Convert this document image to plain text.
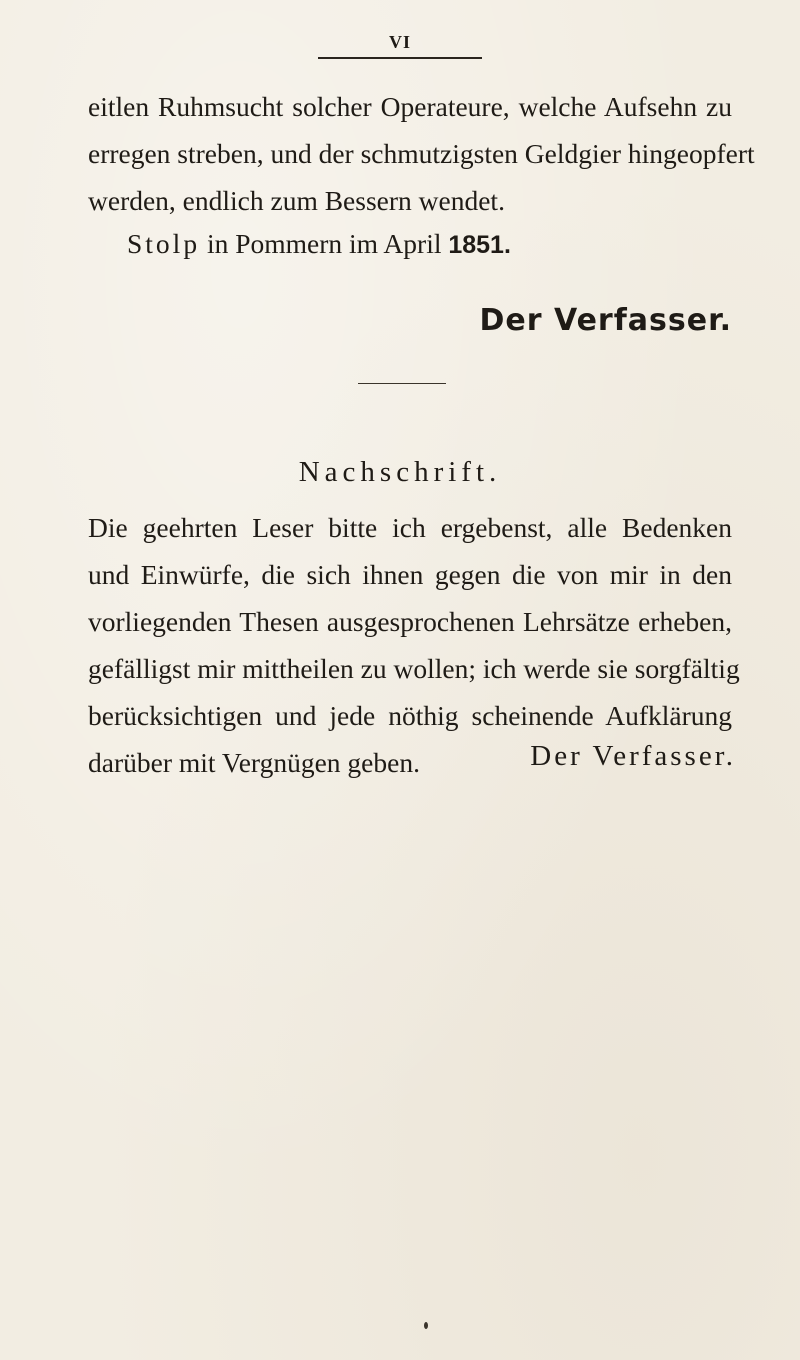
VI

eitlen Ruhmsucht solcher Operateure, welche Aufsehn zu
erregen streben, und der schmutzigsten Geldgier hingeopfert
werden, endlich zum Bessern wendet.

Stolp in Pommern im April 1851.
Der Verfasser.
Nachschrift.

Die geehrten Leser bitte ich ergebenst, alle Bedenken
und Einwürfe, die sich ihnen gegen die von mir in den
vorliegenden Thesen ausgesprochenen Lehrsätze erheben,
gefälligst mir mittheilen zu wollen; ich werde sie sorgfältig
berücksichtigen und jede nöthig scheinende Aufklärung
darüber mit Vergnügen geben.	Der Verfasser.
